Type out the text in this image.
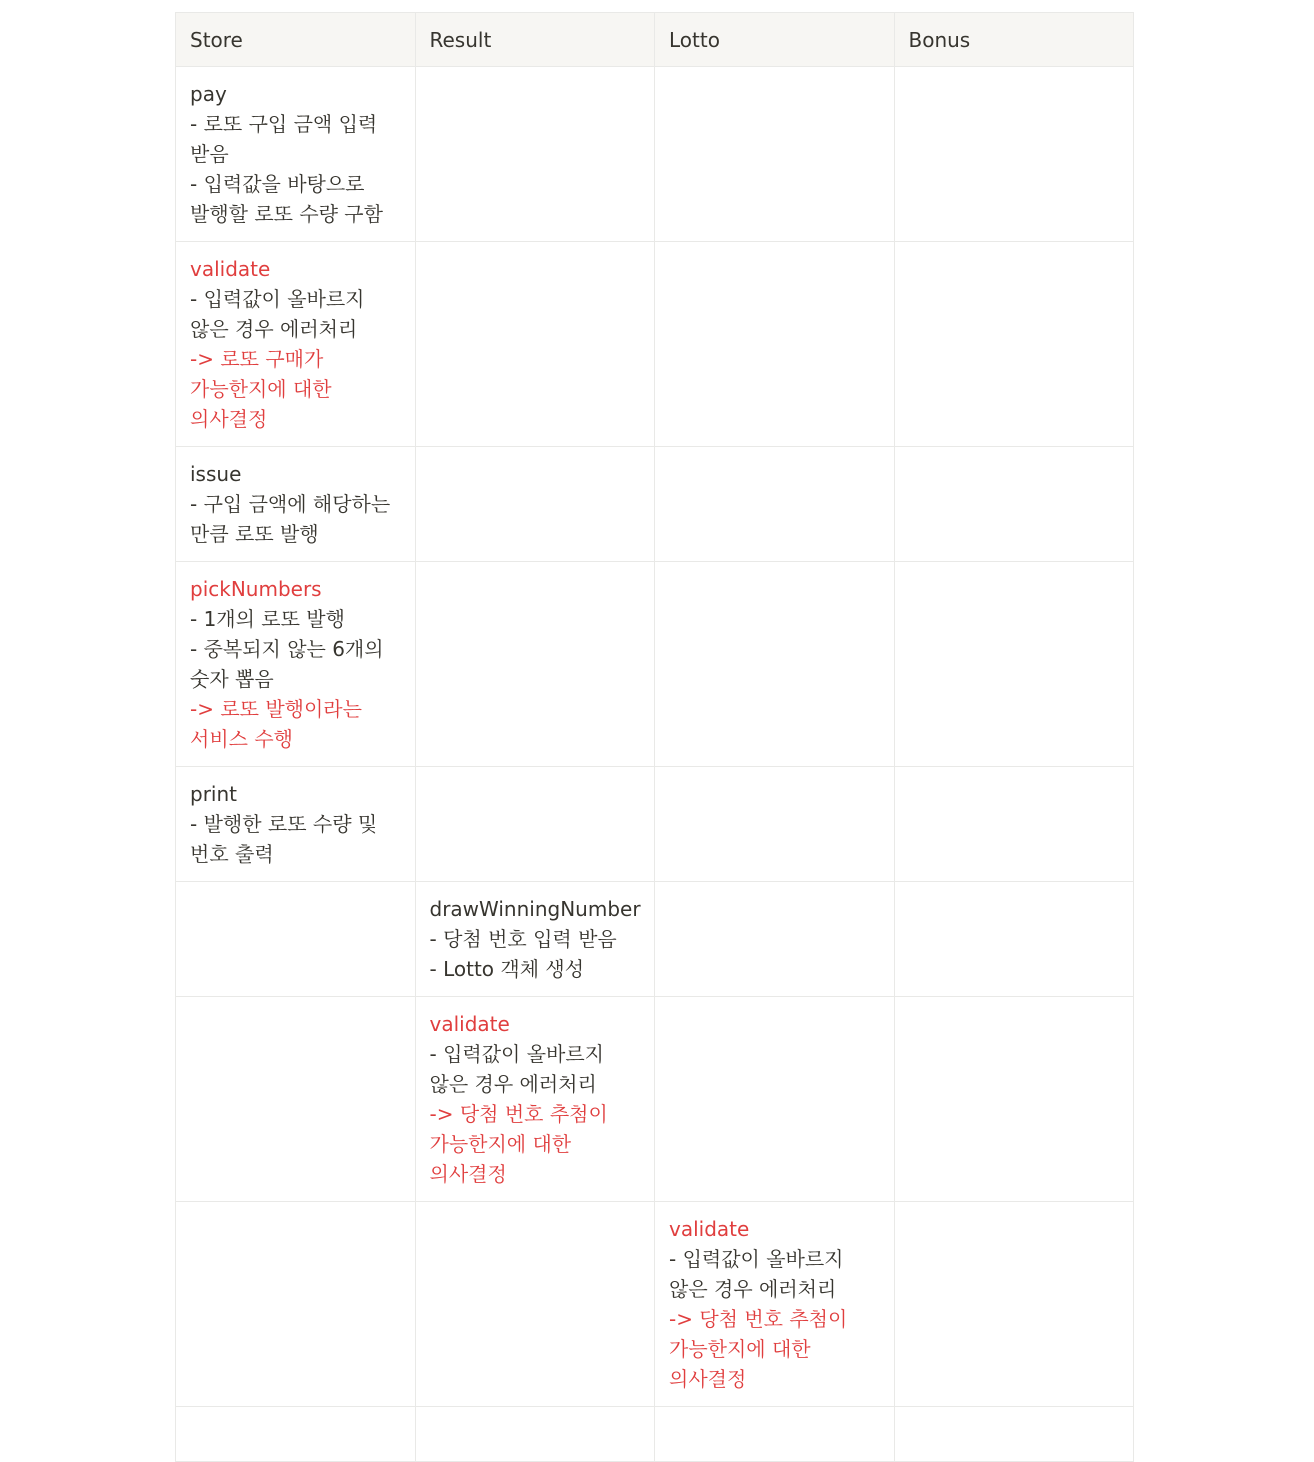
Store	Result	Lotto	Bonus

pay
- 로또 구입 금액 입력 받음
- 입력값을 바탕으로 발행할 로또 수량 구함			

validate
- 입력값이 올바르지 않은 경우 에러처리
-> 로또 구매가 가능한지에 대한 의사결정			

issue
- 구입 금액에 해당하는 만큼 로또 발행			

pickNumbers
- 1개의 로또 발행
- 중복되지 않는 6개의 숫자 뽑음
-> 로또 발행이라는 서비스 수행			

print
- 발행한 로또 수량 및 번호 출력			

	drawWinningNumber
- 당첨 번호 입력 받음
- Lotto 객체 생성		

	validate
- 입력값이 올바르지 않은 경우 에러처리
-> 당첨 번호 추첨이 가능한지에 대한 의사결정		

		validate
- 입력값이 올바르지 않은 경우 에러처리
-> 당첨 번호 추첨이 가능한지에 대한 의사결정	
